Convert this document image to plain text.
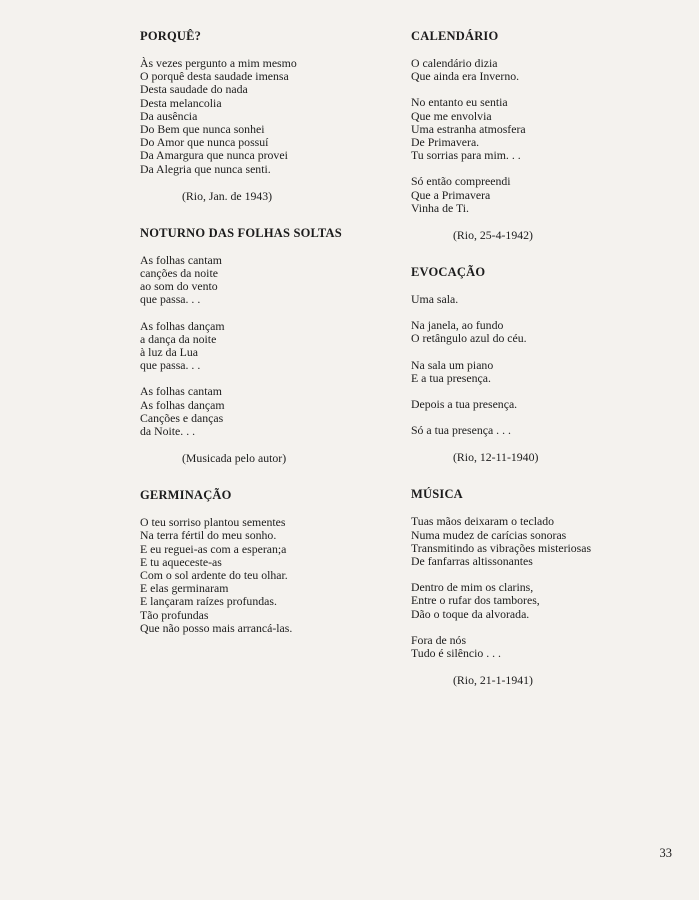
PORQUÊ?
Às vezes pergunto a mim mesmo
O porquê desta saudade imensa
Desta saudade do nada
Desta melancolia
Da ausência
Do Bem que nunca sonhei
Do Amor que nunca possuí
Da Amargura que nunca provei
Da Alegria que nunca senti.
(Rio, Jan. de 1943)
NOTURNO DAS FOLHAS SOLTAS
As folhas cantam
canções da noite
ao som do vento
que passa. . .
As folhas dançam
a dança da noite
à luz da Lua
que passa. . .
As folhas cantam
As folhas dançam
Canções e danças
da Noite. . .
(Musicada pelo autor)
GERMINAÇÃO
O teu sorriso plantou sementes
Na terra fértil do meu sonho.
E eu reguei-as com a esperan;a
E tu aqueceste-as
Com o sol ardente do teu olhar.
E elas germinaram
E lançaram raízes profundas.
Tão profundas
Que não posso mais arrancá-las.
CALENDÁRIO
O calendário dizia
Que ainda era Inverno.
No entanto eu sentia
Que me envolvia
Uma estranha atmosfera
De Primavera.
Tu sorrias para mim. . .
Só então compreendi
Que a Primavera
Vinha de Ti.
(Rio, 25-4-1942)
EVOCAÇÃO
Uma sala.
Na janela, ao fundo
O retângulo azul do céu.
Na sala um piano
E a tua presença.
Depois a tua presença.
Só a tua presença . . .
(Rio, 12-11-1940)
MÚSICA
Tuas mãos deixaram o teclado
Numa mudez de carícias sonoras
Transmitindo as vibrações misteriosas
De fanfarras altissonantes
Dentro de mim os clarins,
Entre o rufar dos tambores,
Dão o toque da alvorada.
Fora de nós
Tudo é silêncio . . .
(Rio, 21-1-1941)
33
